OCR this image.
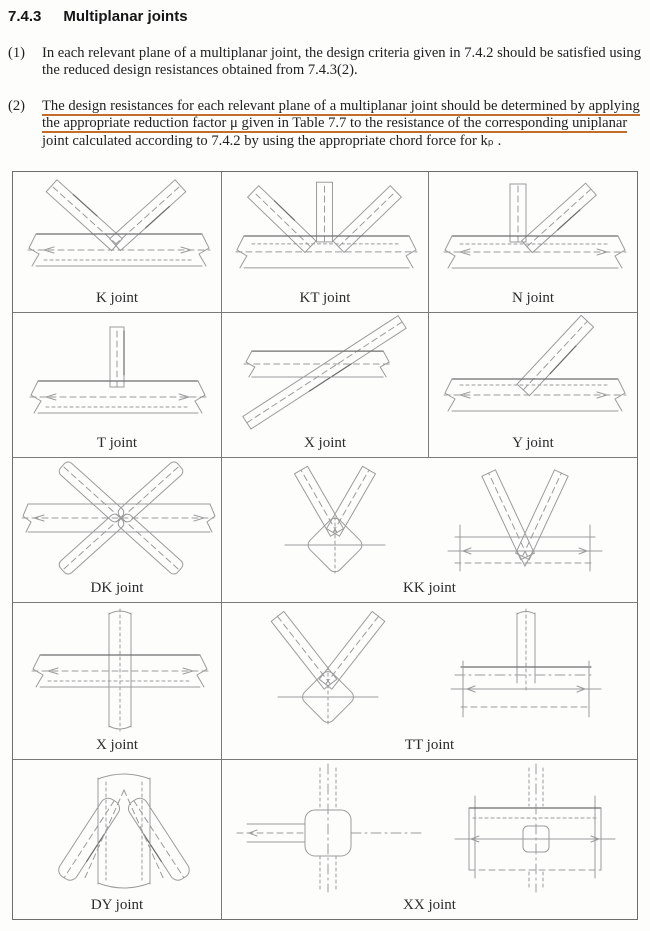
7.4.3 Multiplanar joints
(1) In each relevant plane of a multiplanar joint, the design criteria given in 7.4.2 should be satisfied using
the reduced design resistances obtained from 7.4.3(2).
(2) The design resistances for each relevant plane of a multiplanar joint should be determined by applying
the appropriate reduction factor μ given in Table 7.7 to the resistance of the corresponding uniplanar
joint calculated according to 7.4.2 by using the appropriate chord force for kₚ .
K joint	KT joint	N joint
T joint	X joint	Y joint
DK joint	KK joint
X joint	TT joint
DY joint	XX joint
